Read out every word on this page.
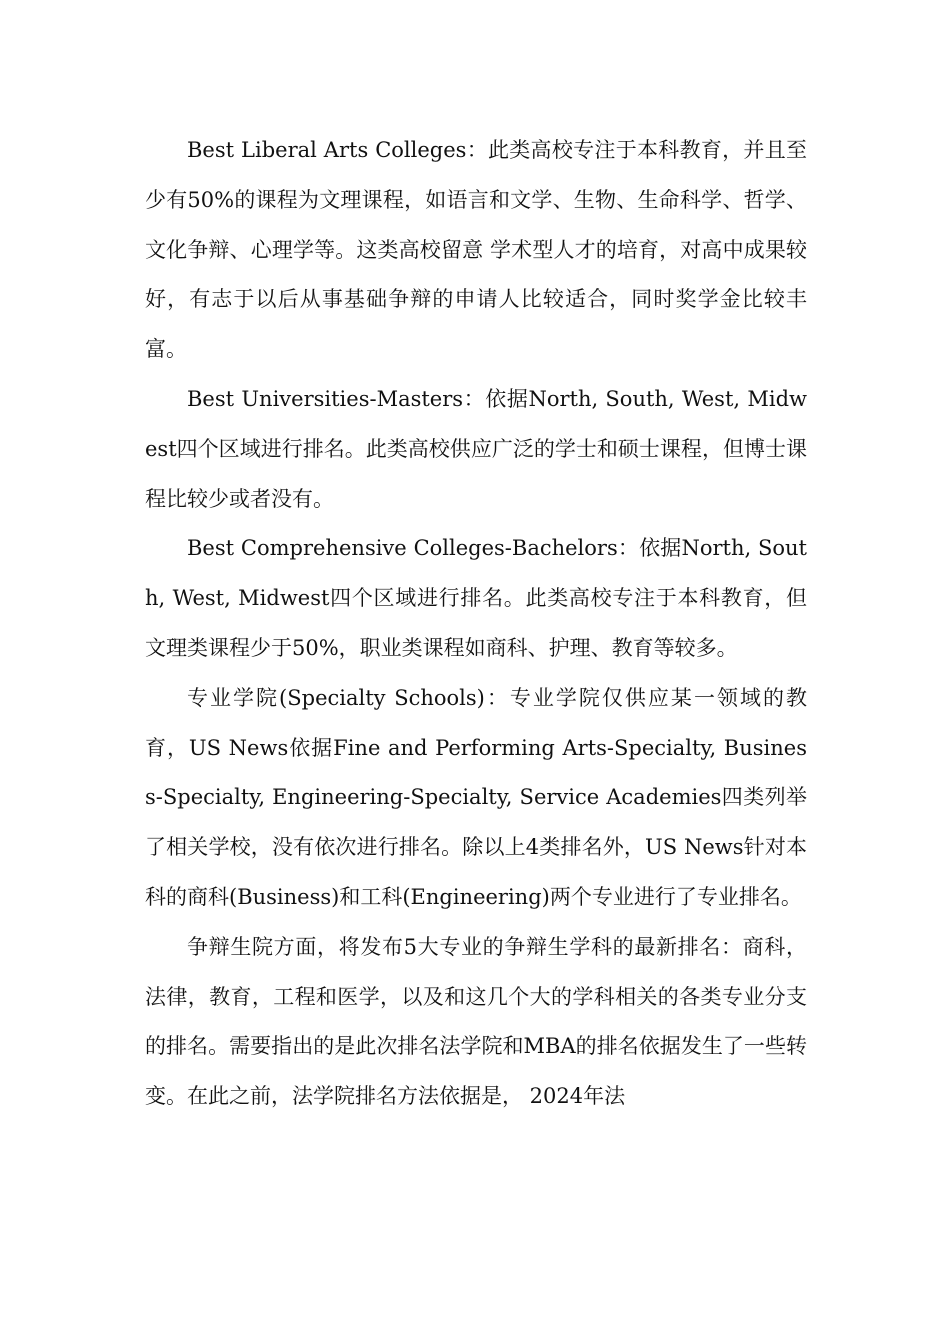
Best Liberal Arts Colleges：此类高校专注于本科教育，并且至少有50%的课程为文理课程，如语言和文学、生物、生命科学、哲学、文化争辩、心理学等。这类高校留意 学术型人才的培育，对高中成果较好，有志于以后从事基础争辩的申请人比较适合，同时奖学金比较丰富。

Best Universities-Masters：依据North, South, West, Midwest四个区域进行排名。此类高校供应广泛的学士和硕士课程，但博士课程比较少或者没有。

Best Comprehensive Colleges-Bachelors：依据North, South, West, Midwest四个区域进行排名。此类高校专注于本科教育，但文理类课程少于50%，职业类课程如商科、护理、教育等较多。

专业学院(Specialty Schools)：专业学院仅供应某一领域的教育，US News依据Fine and Performing Arts-Specialty, Business-Specialty, Engineering-Specialty, Service Academies四类列举了相关学校，没有依次进行排名。除以上4类排名外，US News针对本科的商科(Business)和工科(Engineering)两个专业进行了专业排名。

争辩生院方面，将发布5大专业的争辩生学科的最新排名：商科，法律，教育，工程和医学，以及和这几个大的学科相关的各类专业分支的排名。需要指出的是此次排名法学院和MBA的排名依据发生了一些转变。在此之前，法学院排名方法依据是， 2024年法
